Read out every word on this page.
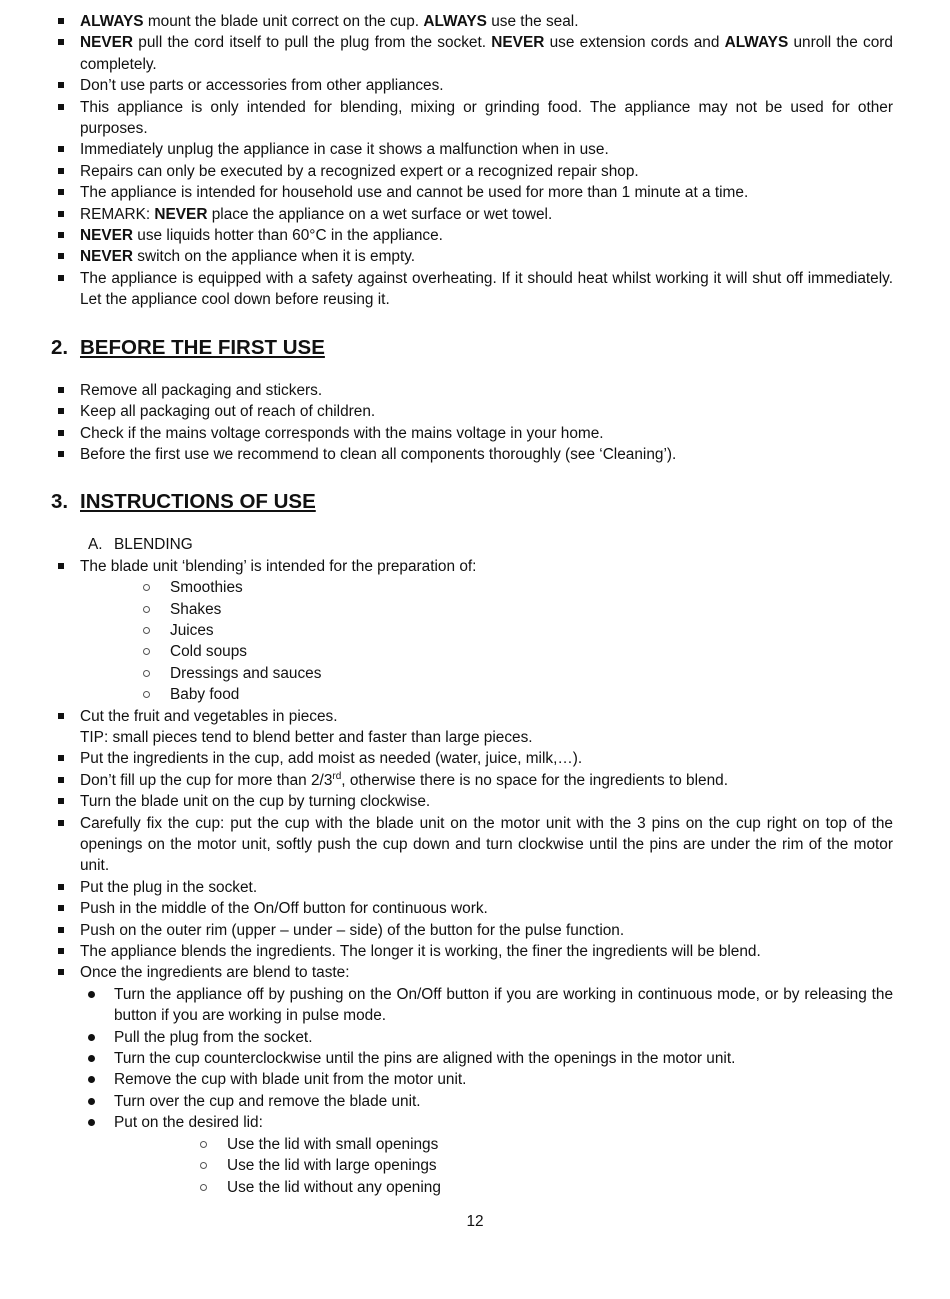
ALWAYS mount the blade unit correct on the cup. ALWAYS use the seal.
NEVER pull the cord itself to pull the plug from the socket. NEVER use extension cords and ALWAYS unroll the cord completely.
Don’t use parts or accessories from other appliances.
This appliance is only intended for blending, mixing or grinding food. The appliance may not be used for other purposes.
Immediately unplug the appliance in case it shows a malfunction when in use.
Repairs can only be executed by a recognized expert or a recognized repair shop.
The appliance is intended for household use and cannot be used for more than 1 minute at a time.
REMARK: NEVER place the appliance on a wet surface or wet towel.
NEVER use liquids hotter than 60°C in the appliance.
NEVER switch on the appliance when it is empty.
The appliance is equipped with a safety against overheating. If it should heat whilst working it will shut off immediately. Let the appliance cool down before reusing it.
2. BEFORE THE FIRST USE
Remove all packaging and stickers.
Keep all packaging out of reach of children.
Check if the mains voltage corresponds with the mains voltage in your home.
Before the first use we recommend to clean all components thoroughly (see ‘Cleaning’).
3. INSTRUCTIONS OF USE
A. BLENDING
The blade unit ‘blending’ is intended for the preparation of:
Smoothies
Shakes
Juices
Cold soups
Dressings and sauces
Baby food
Cut the fruit and vegetables in pieces.
TIP: small pieces tend to blend better and faster than large pieces.
Put the ingredients in the cup, add moist as needed (water, juice, milk,…).
Don’t fill up the cup for more than 2/3rd, otherwise there is no space for the ingredients to blend.
Turn the blade unit on the cup by turning clockwise.
Carefully fix the cup: put the cup with the blade unit on the motor unit with the 3 pins on the cup right on top of the openings on the motor unit, softly push the cup down and turn clockwise until the pins are under the rim of the motor unit.
Put the plug in the socket.
Push in the middle of the On/Off button for continuous work.
Push on the outer rim (upper – under – side) of the button for the pulse function.
The appliance blends the ingredients. The longer it is working, the finer the ingredients will be blend.
Once the ingredients are blend to taste:
Turn the appliance off by pushing on the On/Off button if you are working in continuous mode, or by releasing the button if you are working in pulse mode.
Pull the plug from the socket.
Turn the cup counterclockwise until the pins are aligned with the openings in the motor unit.
Remove the cup with blade unit from the motor unit.
Turn over the cup and remove the blade unit.
Put on the desired lid:
Use the lid with small openings
Use the lid with large openings
Use the lid without any opening
12
